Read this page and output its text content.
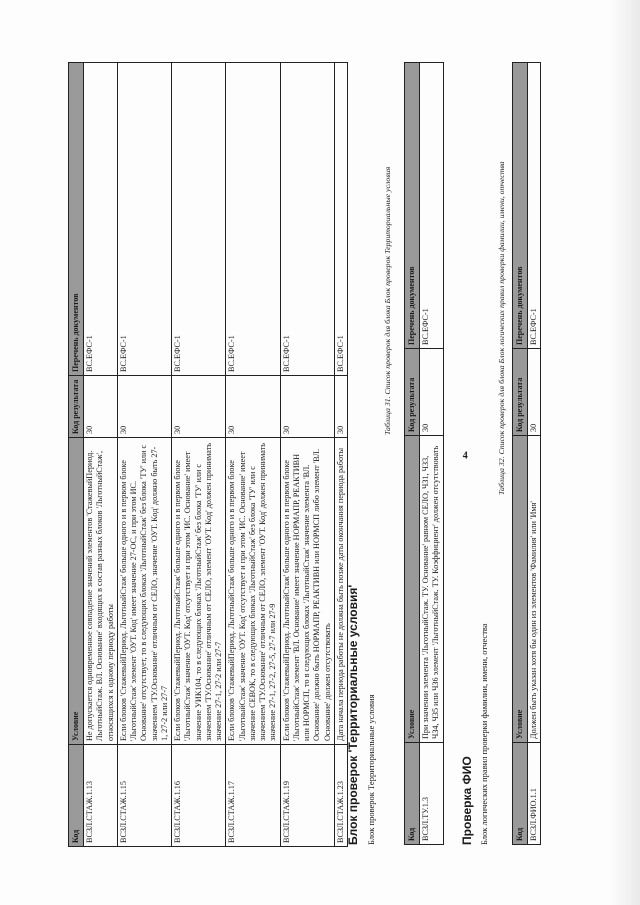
4
Код	Условие	Код результата	Перечень документов
ВСЗЛ.СТАЖ.1.13	Не допускается одновременное совпадение значений элементов 'СтажевыйПериод. ЛьготныйСтаж. ВЛ. Основание' входящих в состав разных блоков 'ЛьготныйСтаж', относящихся к одному периоду работы	30	ВС.ЕФС-1
ВСЗЛ.СТАЖ.1.15	Если блоков 'СтажевыйПериод. ЛьготныйСтаж' больше одного и в первом блоке 'ЛьготныйСтаж' элемент 'ОУТ. Код' имеет значение 27-ОС, и при этом ИС. Основание' отсутствует, то в следующих блоках 'ЛьготныйСтаж' без блока 'ТУ' или с значением 'ТУ.Основание' отличным от СЕЛО, значение 'ОУТ. Код' должно быть 27-1, 27-2 или 27-7	30	ВС.ЕФС-1
ВСЗЛ.СТАЖ.1.16	Если блоков 'СтажевыйПериод. ЛьготныйСтаж' больше одного и в первом блоке 'ЛьготныйСтаж' значение 'ОУТ. Код' отсутствует и при этом 'ИС. Основание' имеет значение УИК104, то в следующих блоках 'ЛьготныйСтаж' без блока 'ТУ' или с значением 'ТУ.Основание' отличным от СЕЛО, элемент 'ОУТ. Код' должен принимать значение 27-1, 27-2 или 27-7	30	ВС.ЕФС-1
ВСЗЛ.СТАЖ.1.17	Если блоков 'СтажевыйПериод. ЛьготныйСтаж' больше одного и в первом блоке 'ЛьготныйСтаж' значение 'ОУТ. Код' отсутствует и при этом 'ИС. Основание' имеет значение СЕВОК, то в следующих блоках 'ЛьготныйСтаж' без блока 'ТУ' или с значением 'ТУ.Основание' отличным от СЕЛО, элемент 'ОУТ. Код' должен принимать значение 27-1, 27-2, 27-5, 27-7 или 27-9	30	ВС.ЕФС-1
ВСЗЛ.СТАЖ.1.19	Если блоков 'СтажевыйПериод. ЛьготныйСтаж' больше одного и в первом блоке 'ЛьготныйСтаж' элемент 'ВЛ. Основание' имеет значение НОРМАПР, РЕАКТИВН или НОРМСП, то в следующих блоках 'ЛьготныйСтаж' значение элемента 'ВЛ. Основание' должно быть НОРМАПР, РЕАКТИВН или НОРМСП либо элемент 'ВЛ. Основание' должен отсутствовать	30	ВС.ЕФС-1
ВСЗЛ.СТАЖ.1.23	Дата начала периода работы не должна быть позже даты окончания периода работы	30	ВС.ЕФС-1
Блок проверок 'Территориальные условия' Блок проверок Территориальные условия
Таблица 31. Список проверок для блока Блок проверок Территориальные условия
Код	Условие	Код результата	Перечень документов
ВСЗЛ.ТУ.1.3	При значении элемента 'ЛьготныйСтаж. ТУ. Основание' равном СЕЛО, ЧЗ1, ЧЗ3, ЧЗ4, ЧЗ5 или ЧЗ6 элемент 'ЛьготныйСтаж. ТУ. Коэффициент' должен отсутствовать	30	ВС.ЕФС-1
Проверка ФИО Блок логических правил проверки фамилии, имени, отчества
Таблица 32. Список проверок для блока Блок логических правил проверки фамилии, имени, отчества
Код	Условие	Код результата	Перечень документов
ВСЗЛ.ФИО.1.1	Должен быть указан хотя бы один из элементов 'Фамилия' или 'Имя'	30	ВС.ЕФС-1
